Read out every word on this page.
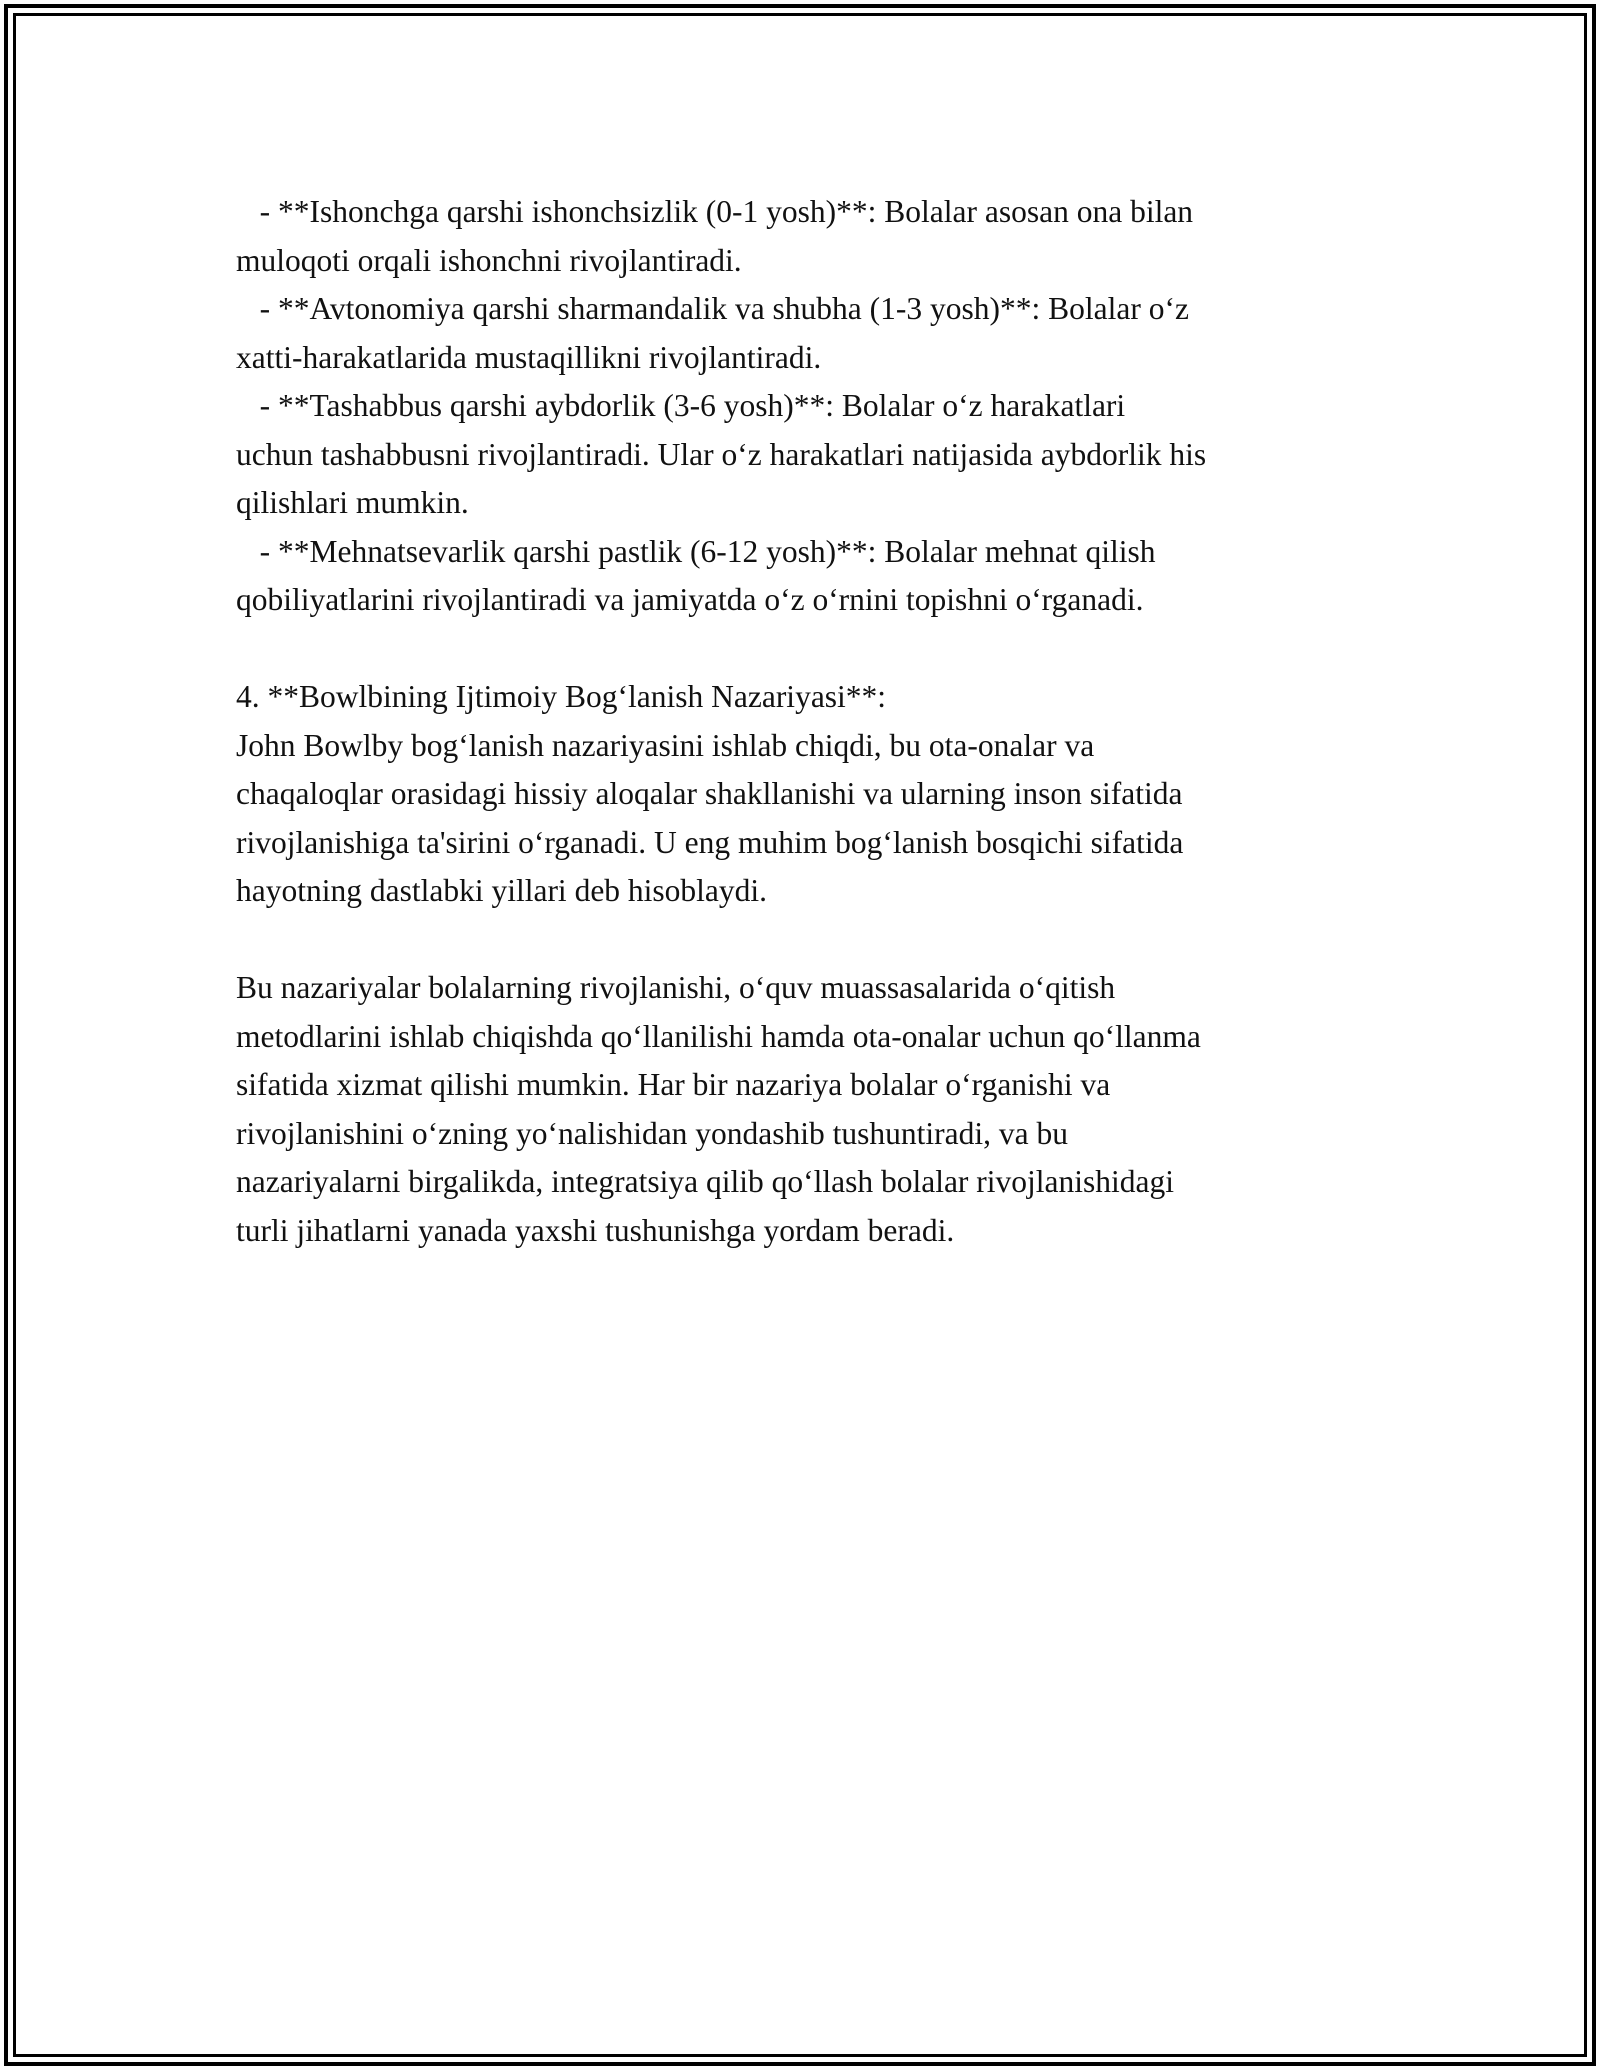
- **Ishonchga qarshi ishonchsizlik (0-1 yosh)**: Bolalar asosan ona bilan
muloqoti orqali ishonchni rivojlantiradi.
- **Avtonomiya qarshi sharmandalik va shubha (1-3 yosh)**: Bolalar o‘z
xatti-harakatlarida mustaqillikni rivojlantiradi.
- **Tashabbus qarshi aybdorlik (3-6 yosh)**: Bolalar o‘z harakatlari
uchun tashabbusni rivojlantiradi. Ular o‘z harakatlari natijasida aybdorlik his
qilishlari mumkin.
- **Mehnatsevarlik qarshi pastlik (6-12 yosh)**: Bolalar mehnat qilish
qobiliyatlarini rivojlantiradi va jamiyatda o‘z o‘rnini topishni o‘rganadi.
4. **Bowlbining Ijtimoiy Bog‘lanish Nazariyasi**:
John Bowlby bog‘lanish nazariyasini ishlab chiqdi, bu ota-onalar va
chaqaloqlar orasidagi hissiy aloqalar shakllanishi va ularning inson sifatida
rivojlanishiga ta'sirini o‘rganadi. U eng muhim bog‘lanish bosqichi sifatida
hayotning dastlabki yillari deb hisoblaydi.
Bu nazariyalar bolalarning rivojlanishi, o‘quv muassasalarida o‘qitish
metodlarini ishlab chiqishda qo‘llanilishi hamda ota-onalar uchun qo‘llanma
sifatida xizmat qilishi mumkin. Har bir nazariya bolalar o‘rganishi va
rivojlanishini o‘zning yo‘nalishidan yondashib tushuntiradi, va bu
nazariyalarni birgalikda, integratsiya qilib qo‘llash bolalar rivojlanishidagi
turli jihatlarni yanada yaxshi tushunishga yordam beradi.
